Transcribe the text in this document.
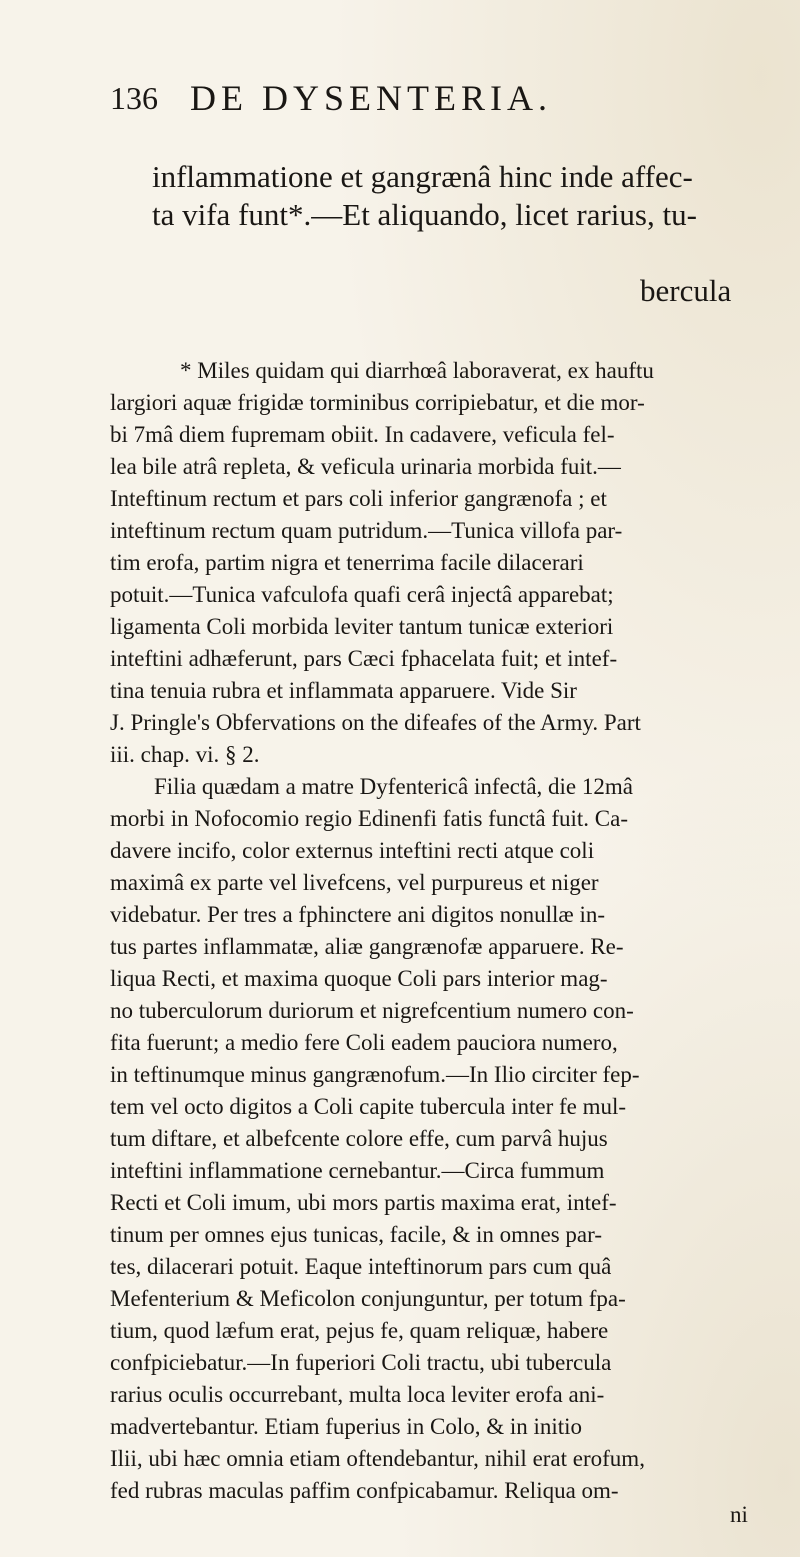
136 DE DYSENTERIA.
inflammatione et gangrænâ hinc inde affec-
ta vifa funt*.—Et aliquando, licet rarius, tu-
bercula
* Miles quidam qui diarrhœâ laboraverat, ex hauftu
largiori aquæ frigidæ torminibus corripiebatur, et die mor-
bi 7mâ diem fupremam obiit. In cadavere, veficula fel-
lea bile atrâ repleta, & veficula urinaria morbida fuit.—
Inteftinum rectum et pars coli inferior gangrænofa ; et
inteftinum rectum quam putridum.—Tunica villofa par-
tim erofa, partim nigra et tenerrima facile dilacerari
potuit.—Tunica vafculofa quafi cerâ injectâ apparebat;
ligamenta Coli morbida leviter tantum tunicæ exteriori
inteftini adhæferunt, pars Cæci fphacelata fuit; et intef-
tina tenuia rubra et inflammata apparuere. Vide Sir
J. Pringle's Obfervations on the difeafes of the Army. Part
iii. chap. vi. § 2.
Filia quædam a matre Dyfentericâ infectâ, die 12mâ
morbi in Nofocomio regio Edinenfi fatis functâ fuit. Ca-
davere incifo, color externus inteftini recti atque coli
maximâ ex parte vel livefcens, vel purpureus et niger
videbatur. Per tres a fphinctere ani digitos nonullæ in-
tus partes inflammatæ, aliæ gangrænofæ apparuere. Re-
liqua Recti, et maxima quoque Coli pars interior mag-
no tuberculorum duriorum et nigrefcentium numero con-
fita fuerunt; a medio fere Coli eadem pauciora numero,
in teftinumque minus gangrænofum.—In Ilio circiter fep-
tem vel octo digitos a Coli capite tubercula inter fe mul-
tum diftare, et albefcente colore effe, cum parvâ hujus
inteftini inflammatione cernebantur.—Circa fummum
Recti et Coli imum, ubi mors partis maxima erat, intef-
tinum per omnes ejus tunicas, facile, & in omnes par-
tes, dilacerari potuit. Eaque inteftinorum pars cum quâ
Mefenterium & Meficolon conjunguntur, per totum fpa-
tium, quod læfum erat, pejus fe, quam reliquæ, habere
confpiciebatur.—In fuperiori Coli tractu, ubi tubercula
rarius oculis occurrebant, multa loca leviter erofa ani-
madvertebantur. Etiam fuperius in Colo, & in initio
Ilii, ubi hæc omnia etiam oftendebantur, nihil erat erofum,
fed rubras maculas paffim confpicabamur. Reliqua om-
ni
